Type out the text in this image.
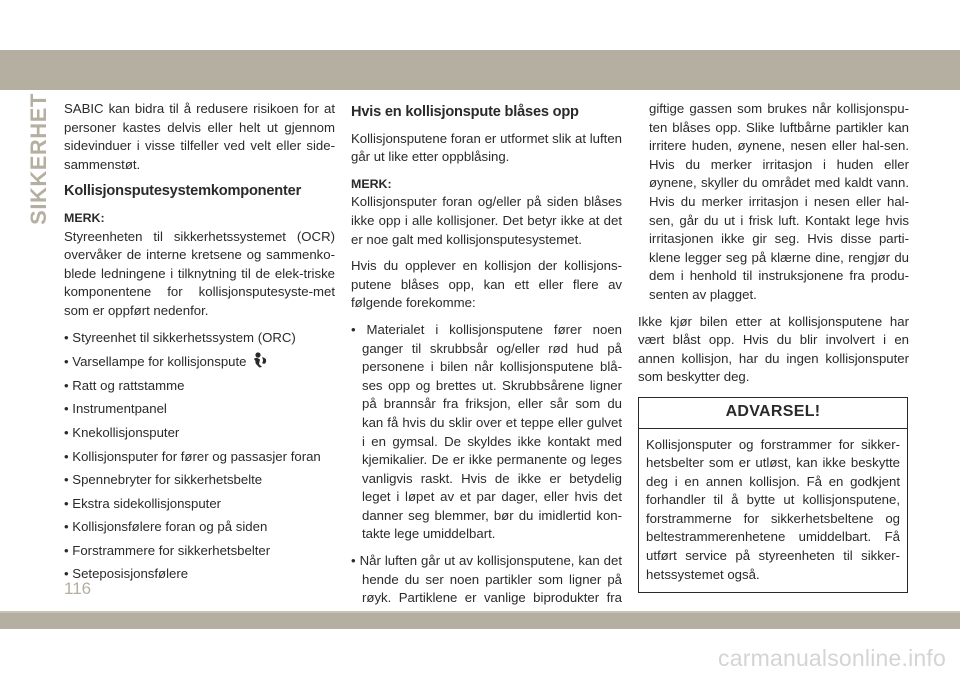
SIKKERHET SABIC kan bidra til å redusere risikoen for at personer kastes delvis eller helt ut gjennom sidevinduer i visse tilfeller ved velt eller side-sammenstøt.

Kollisjonsputesystemkomponenter
MERK:

Styreenheten til sikkerhetssystemet (OCR) overvåker de interne kretsene og sammenko-blede ledningene i tilknytning til de elek-triske komponentene for kollisjonsputesyste-met som er oppført nedenfor.

• Styreenhet til sikkerhetssystem (ORC)
• Varsellampe for kollisjonspute
• Ratt og rattstamme
• Instrumentpanel
• Knekollisjonsputer
• Kollisjonsputer for fører og passasjer foran
• Spennebryter for sikkerhetsbelte
• Ekstra sidekollisjonsputer
• Kollisjonsfølere foran og på siden
• Forstrammere for sikkerhetsbelter
• Seteposisjonsfølere
Hvis en kollisjonspute blåses opp

Kollisjonsputene foran er utformet slik at luften går ut like etter oppblåsing.

MERK:

Kollisjonsputer foran og/eller på siden blåses ikke opp i alle kollisjoner. Det betyr ikke at det er noe galt med kollisjonsputesystemet.

Hvis du opplever en kollisjon der kollisjons-putene blåses opp, kan ett eller flere av følgende forekomme:

• Materialet i kollisjonsputene fører noen ganger til skrubbsår og/eller rød hud på personene i bilen når kollisjonsputene blå-ses opp og brettes ut. Skrubbsårene ligner på brannsår fra friksjon, eller sår som du kan få hvis du sklir over et teppe eller gulvet i en gymsal. De skyldes ikke kontakt med kjemikalier. De er ikke permanente og leges vanligvis raskt. Hvis de ikke er betydelig leget i løpet av et par dager, eller hvis det danner seg blemmer, bør du imidlertid kon-takte lege umiddelbart.
• Når luften går ut av kollisjonsputene, kan det hende du ser noen partikler som ligner på røyk. Partiklene er vanlige biprodukter fra
giftige gassen som brukes når kollisjonspu-ten blåses opp. Slike luftbårne partikler kan irritere huden, øynene, nesen eller hal-sen. Hvis du merker irritasjon i huden eller øynene, skyller du området med kaldt vann. Hvis du merker irritasjon i nesen eller hal-sen, går du ut i frisk luft. Kontakt lege hvis irritasjonen ikke gir seg. Hvis disse parti-klene legger seg på klærne dine, rengjør du dem i henhold til instruksjonene fra produ-senten av plagget.

Ikke kjør bilen etter at kollisjonsputene har vært blåst opp. Hvis du blir involvert i en annen kollisjon, har du ingen kollisjonsputer som beskytter deg.

ADVARSEL!
Kollisjonsputer og forstrammer for sikker-hetsbelter som er utløst, kan ikke beskytte deg i en annen kollisjon. Få en godkjent forhandler til å bytte ut kollisjonsputene, forstrammerne for sikkerhetsbeltene og beltestrammerenhetene umiddelbart. Få utført service på styreenheten til sikker-hetssystemet også.
116
carmanualsonline.info
